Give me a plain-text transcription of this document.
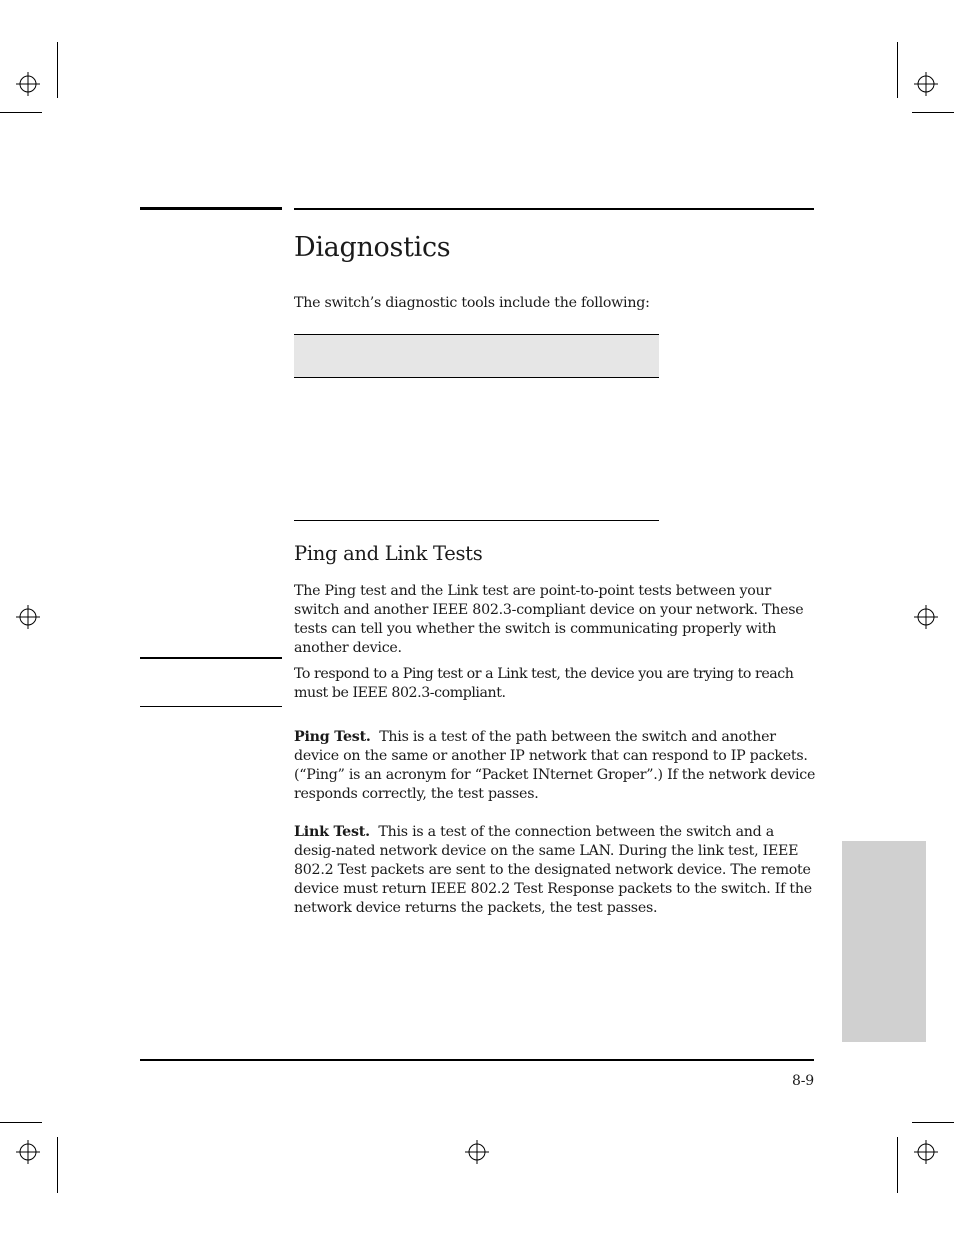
Diagnostics

The switch’s diagnostic tools include the following:

Ping and Link Tests

The Ping test and the Link test are point-to-point tests between your switch and another IEEE 802.3-compliant device on your network. These tests can tell you whether the switch is communicating properly with another device.

To respond to a Ping test or a Link test, the device you are trying to reach must be IEEE 802.3-compliant.

Ping Test. This is a test of the path between the switch and another device on the same or another IP network that can respond to IP packets. (“Ping” is an acronym for “Packet INternet Groper”.) If the network device responds correctly, the test passes.

Link Test. This is a test of the connection between the switch and a desig-nated network device on the same LAN. During the link test, IEEE 802.2 Test packets are sent to the designated network device. The remote device must return IEEE 802.2 Test Response packets to the switch. If the network device returns the packets, the test passes.

8-9
